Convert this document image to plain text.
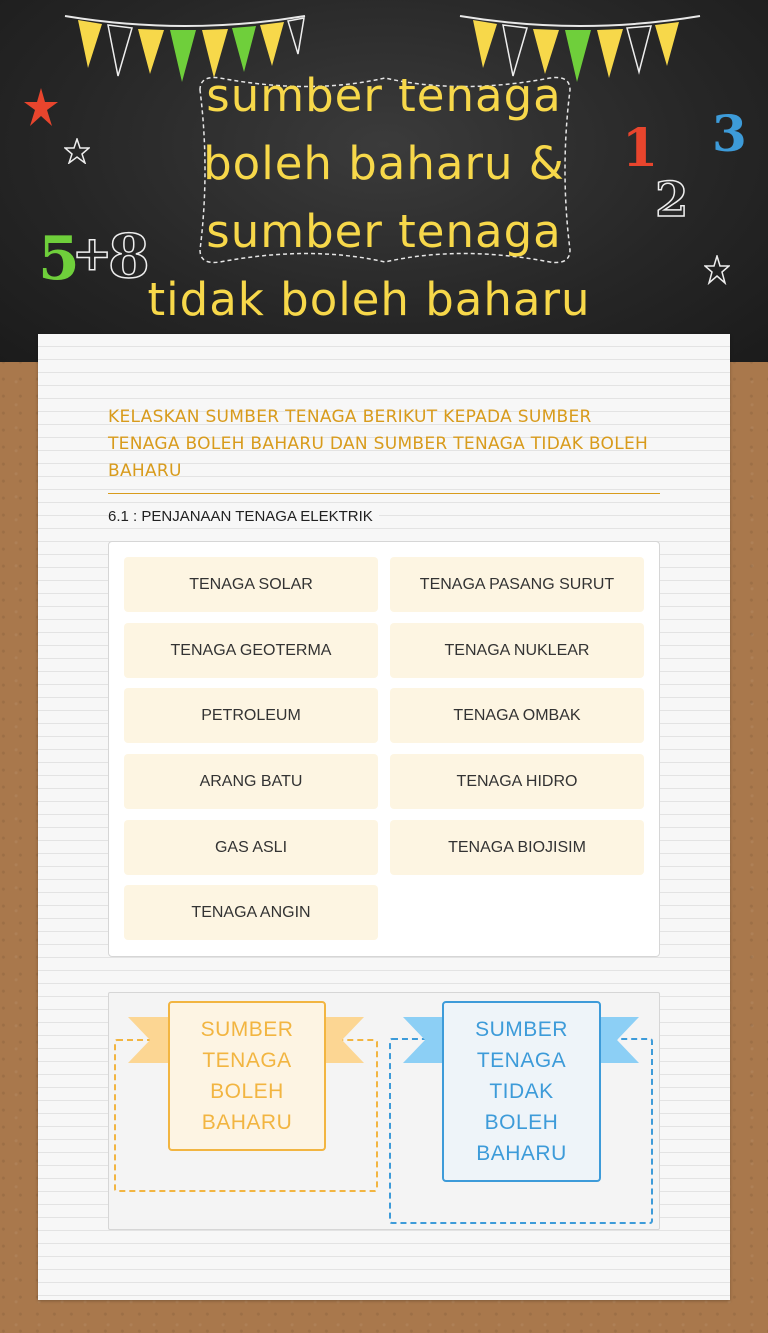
1
2
3
5
+
8
sumber tenaga
boleh baharu &
sumber tenaga
tidak boleh baharu
KELASKAN SUMBER TENAGA BERIKUT KEPADA SUMBER TENAGA BOLEH BAHARU DAN SUMBER TENAGA TIDAK BOLEH BAHARU
6.1 : PENJANAAN TENAGA ELEKTRIK
TENAGA SOLAR	TENAGA PASANG SURUT
TENAGA GEOTERMA	TENAGA NUKLEAR
PETROLEUM	TENAGA OMBAK
ARANG BATU	TENAGA HIDRO
GAS ASLI	TENAGA BIOJISIM
TENAGA ANGIN
SUMBER
TENAGA
BOLEH
BAHARU
SUMBER
TENAGA
TIDAK
BOLEH
BAHARU
